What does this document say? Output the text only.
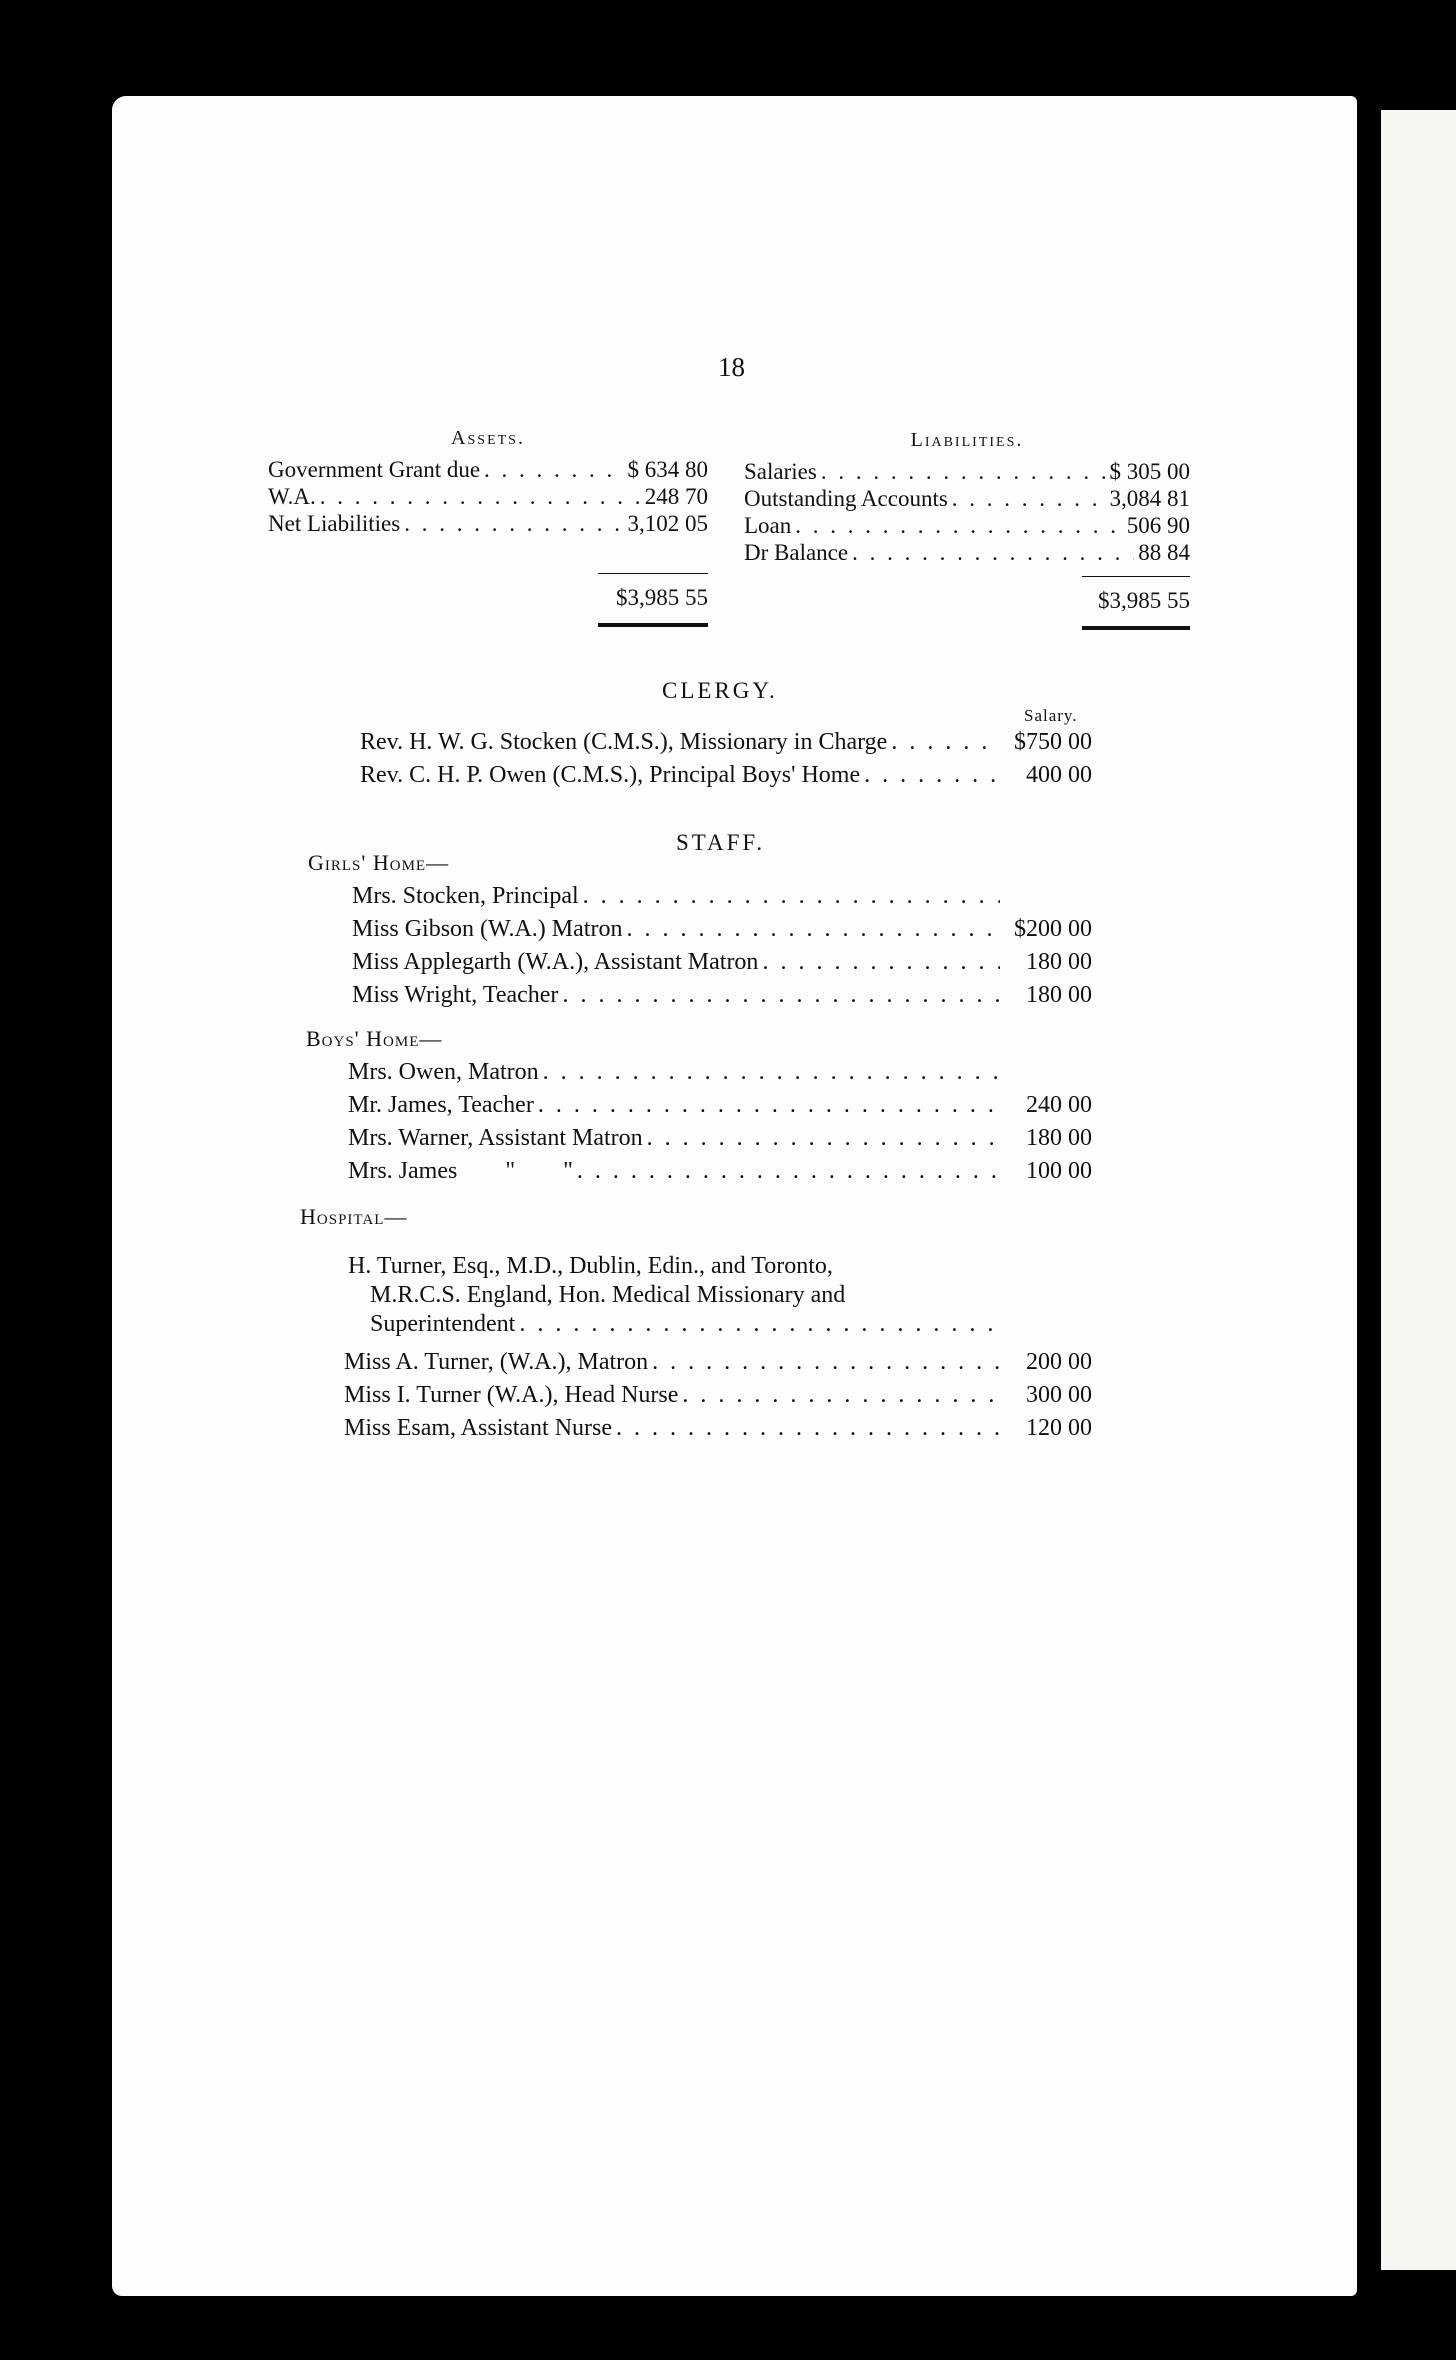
18
Assets.
Government Grant due . . .	$ 634 80
W.A. . . .	248 70
Net Liabilities . . .	3,102 05
$3,985 55
Liabilities.
Salaries . . .	$ 305 00
Outstanding Accounts . . .	3,084 81
Loan . . .	506 90
Dr Balance . . .	88 84
$3,985 55
CLERGY.
Salary.
Rev. H. W. G. Stocken (C.M.S.), Missionary in Charge . . .	$750 00
Rev. C. H. P. Owen (C.M.S.), Principal Boys' Home . . .	400 00
STAFF.
Girls' Home—
Mrs. Stocken, Principal
. . .
Miss Gibson (W.A.) Matron . . .	$200 00
Miss Applegarth (W.A.), Assistant Matron . . .	180 00
Miss Wright, Teacher . . .	180 00
Boys' Home—
Mrs. Owen, Matron
. . .
Mr. James, Teacher . . .	240 00
Mrs. Warner, Assistant Matron . . .	180 00
Mrs. James        "        " . . .	100 00
Hospital—
H. Turner, Esq., M.D., Dublin, Edin., and Toronto,
M.R.C.S. England, Hon. Medical Missionary and
Superintendent
. . .
Miss A. Turner, (W.A.), Matron . . .	200 00
Miss I. Turner (W.A.), Head Nurse . . .	300 00
Miss Esam, Assistant Nurse . . .	120 00
